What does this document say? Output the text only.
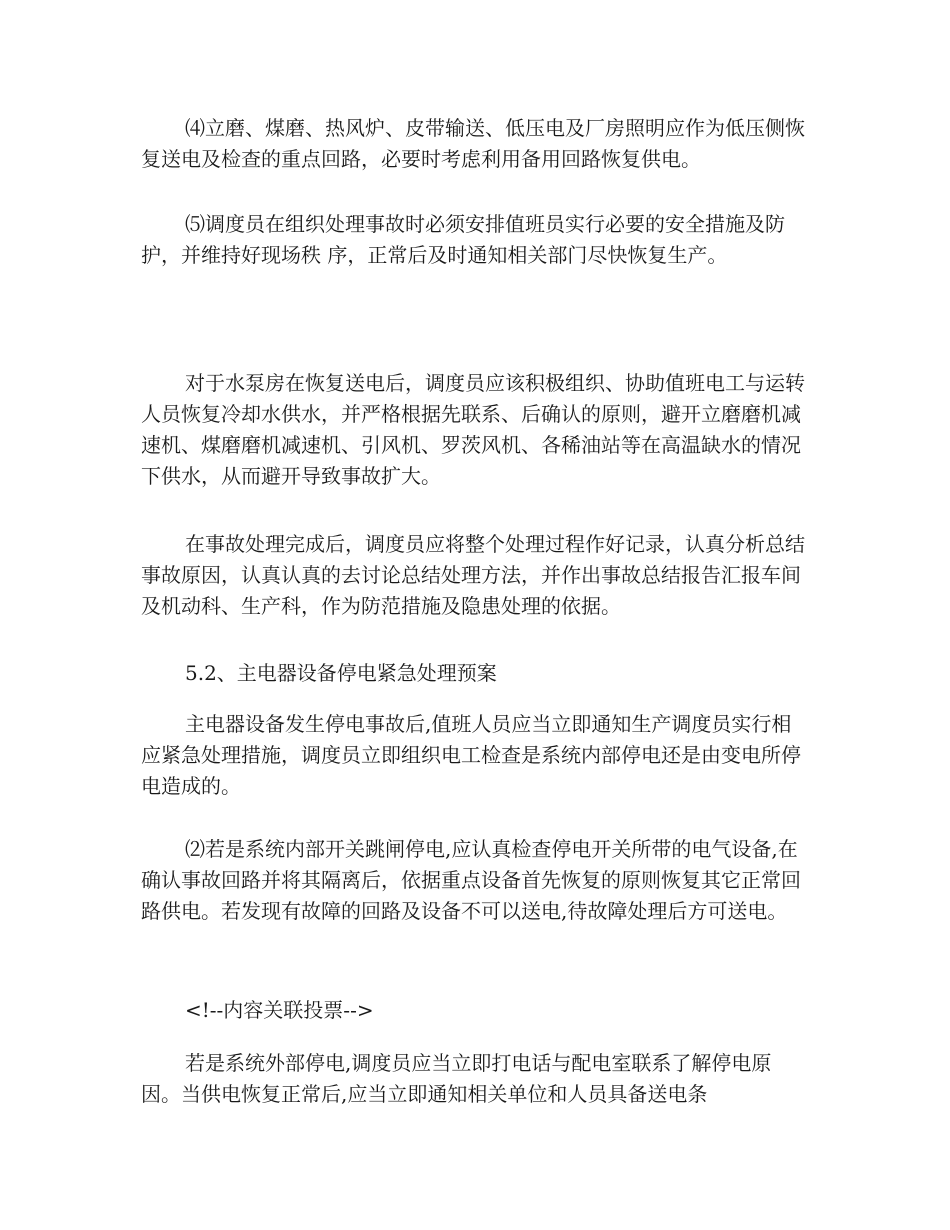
⑷立磨、煤磨、热风炉、皮带输送、低压电及厂房照明应作为低压侧恢复送电及检查的重点回路，必要时考虑利用备用回路恢复供电。

⑸调度员在组织处理事故时必须安排值班员实行必要的安全措施及防护，并维持好现场秩 序，正常后及时通知相关部门尽快恢复生产。

对于水泵房在恢复送电后，调度员应该积极组织、协助值班电工与运转人员恢复冷却水供水，并严格根据先联系、后确认的原则，避开立磨磨机减速机、煤磨磨机减速机、引风机、罗茨风机、各稀油站等在高温缺水的情况下供水，从而避开导致事故扩大。

在事故处理完成后，调度员应将整个处理过程作好记录，认真分析总结事故原因，认真认真的去讨论总结处理方法，并作出事故总结报告汇报车间及机动科、生产科，作为防范措施及隐患处理的依据。

5.2、主电器设备停电紧急处理预案

主电器设备发生停电事故后,值班人员应当立即通知生产调度员实行相应紧急处理措施，调度员立即组织电工检查是系统内部停电还是由变电所停电造成的。

⑵若是系统内部开关跳闸停电,应认真检查停电开关所带的电气设备,在确认事故回路并将其隔离后，依据重点设备首先恢复的原则恢复其它正常回路供电。若发现有故障的回路及设备不可以送电,待故障处理后方可送电。

<!--内容关联投票-->

若是系统外部停电,调度员应当立即打电话与配电室联系了解停电原因。当供电恢复正常后,应当立即通知相关单位和人员具备送电条
